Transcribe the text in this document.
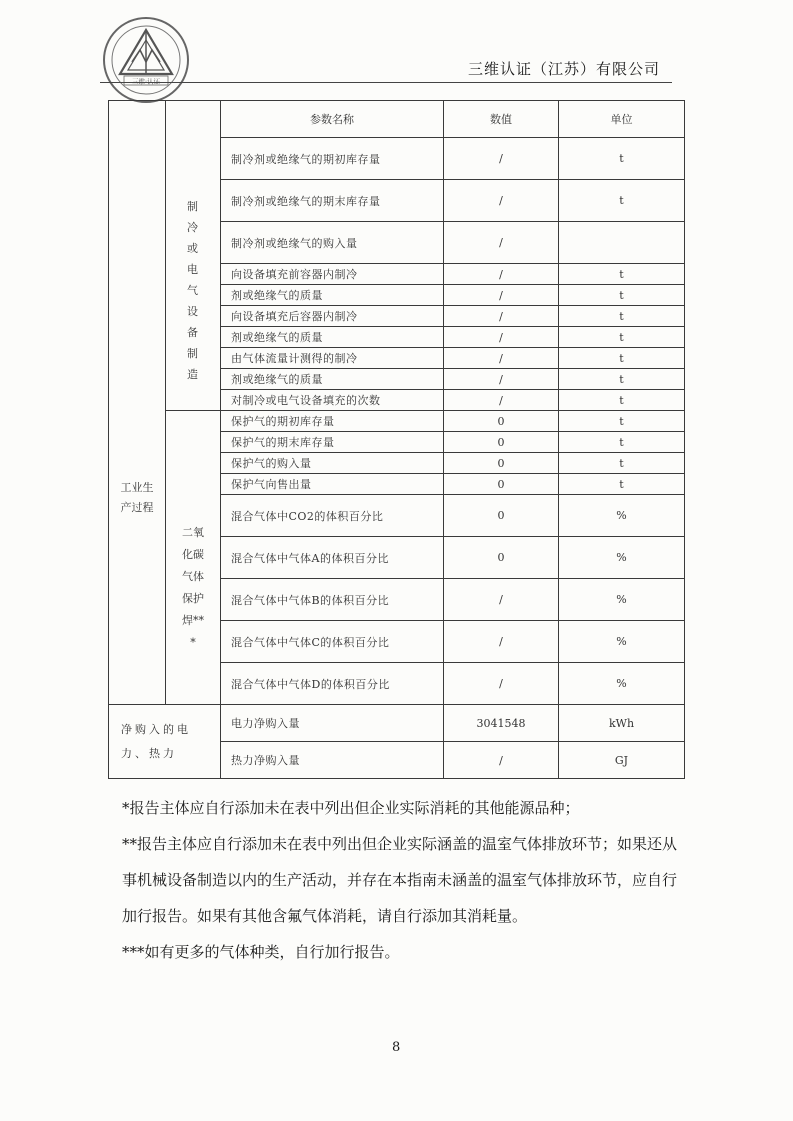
三维认证（江苏）有限公司
工业生产过程	制冷或电气设备制造	参数名称	数值	单位
		制冷剂或绝缘气的期初库存量	/	t
		制冷剂或绝缘气的期末库存量	/	t
		制冷剂或绝缘气的购入量	/	
		向设备填充前容器内制冷	/	t
		剂或绝缘气的质量	/	t
		向设备填充后容器内制冷	/	t
		剂或绝缘气的质量	/	t
		由气体流量计测得的制冷	/	t
		剂或绝缘气的质量	/	t
		对制冷或电气设备填充的次数	/	t

	二氧化碳气体保护焊***	保护气的期初库存量	0	t
		保护气的期末库存量	0	t
		保护气的购入量	0	t
		保护气向售出量	0	t
		混合气体中CO2的体积百分比	0	%
		混合气体中气体A的体积百分比	0	%
		混合气体中气体B的体积百分比	/	%
		混合气体中气体C的体积百分比	/	%
		混合气体中气体D的体积百分比	/	%
净购入的电力、热力		电力净购入量	3041548	kWh
		热力净购入量	/	GJ

*报告主体应自行添加未在表中列出但企业实际消耗的其他能源品种；

**报告主体应自行添加未在表中列出但企业实际涵盖的温室气体排放环节；如果还从事机械设备制造以内的生产活动，并存在本指南未涵盖的温室气体排放环节，应自行加行报告。如果有其他含氟气体消耗，请自行添加其消耗量。

***如有更多的气体种类，自行加行报告。

8
